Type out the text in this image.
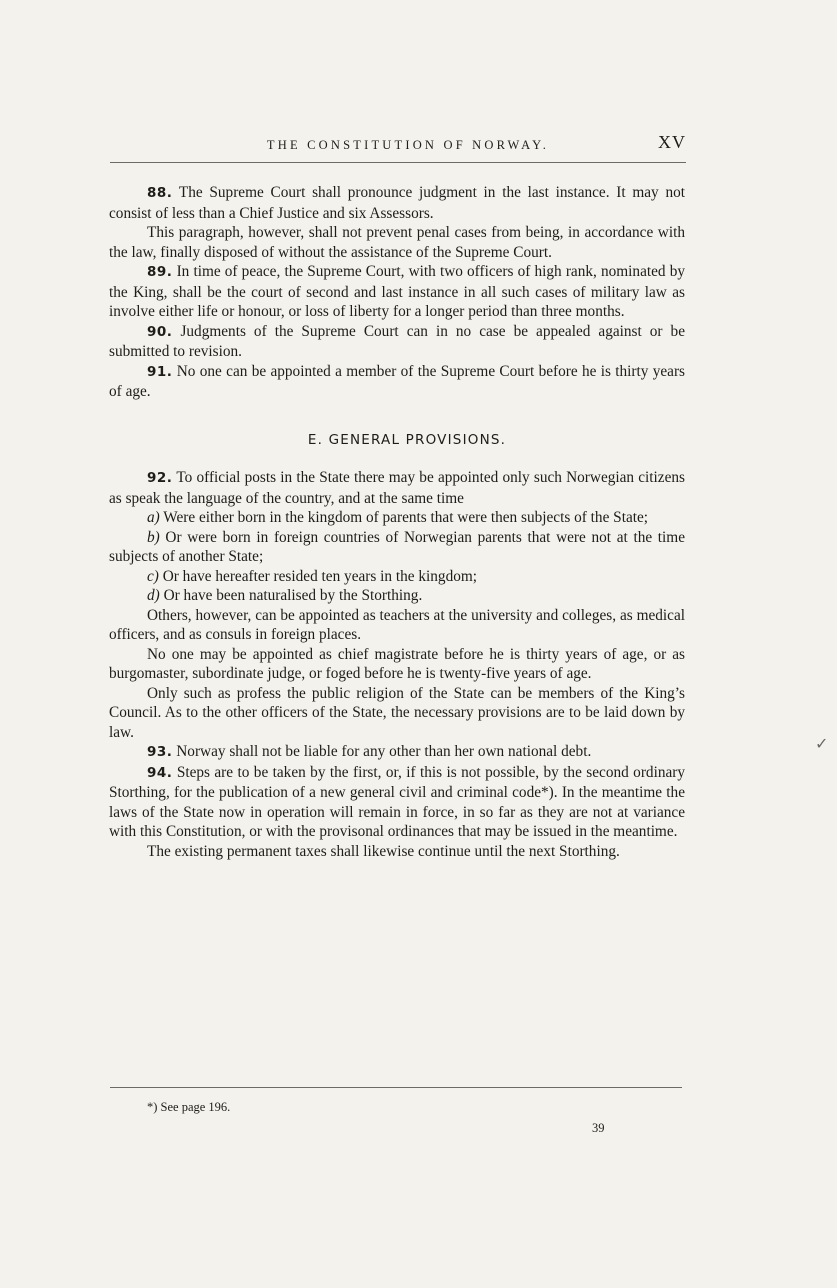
THE CONSTITUTION OF NORWAY.	XV

88. The Supreme Court shall pronounce judgment in the last instance. It may not consist of less than a Chief Justice and six Assessors.

This paragraph, however, shall not prevent penal cases from being, in accordance with the law, finally disposed of without the assistance of the Supreme Court.

89. In time of peace, the Supreme Court, with two officers of high rank, nominated by the King, shall be the court of second and last instance in all such cases of military law as involve either life or honour, or loss of liberty for a longer period than three months.

90. Judgments of the Supreme Court can in no case be appealed against or be submitted to revision.

91. No one can be appointed a member of the Supreme Court before he is thirty years of age.

E. GENERAL PROVISIONS.

92. To official posts in the State there may be appointed only such Norwegian citizens as speak the language of the country, and at the same time

a) Were either born in the kingdom of parents that were then subjects of the State;

b) Or were born in foreign countries of Norwegian parents that were not at the time subjects of another State;

c) Or have hereafter resided ten years in the kingdom;

d) Or have been naturalised by the Storthing.

Others, however, can be appointed as teachers at the university and colleges, as medical officers, and as consuls in foreign places.

No one may be appointed as chief magistrate before he is thirty years of age, or as burgomaster, subordinate judge, or foged before he is twenty-five years of age.

Only such as profess the public religion of the State can be members of the King’s Council. As to the other officers of the State, the necessary provisions are to be laid down by law.

93. Norway shall not be liable for any other than her own national debt.

94. Steps are to be taken by the first, or, if this is not possible, by the second ordinary Storthing, for the publication of a new general civil and criminal code*). In the meantime the laws of the State now in operation will remain in force, in so far as they are not at variance with this Constitution, or with the provisonal ordinances that may be issued in the meantime.

The existing permanent taxes shall likewise continue until the next Storthing.

*) See page 196.
39
✓
